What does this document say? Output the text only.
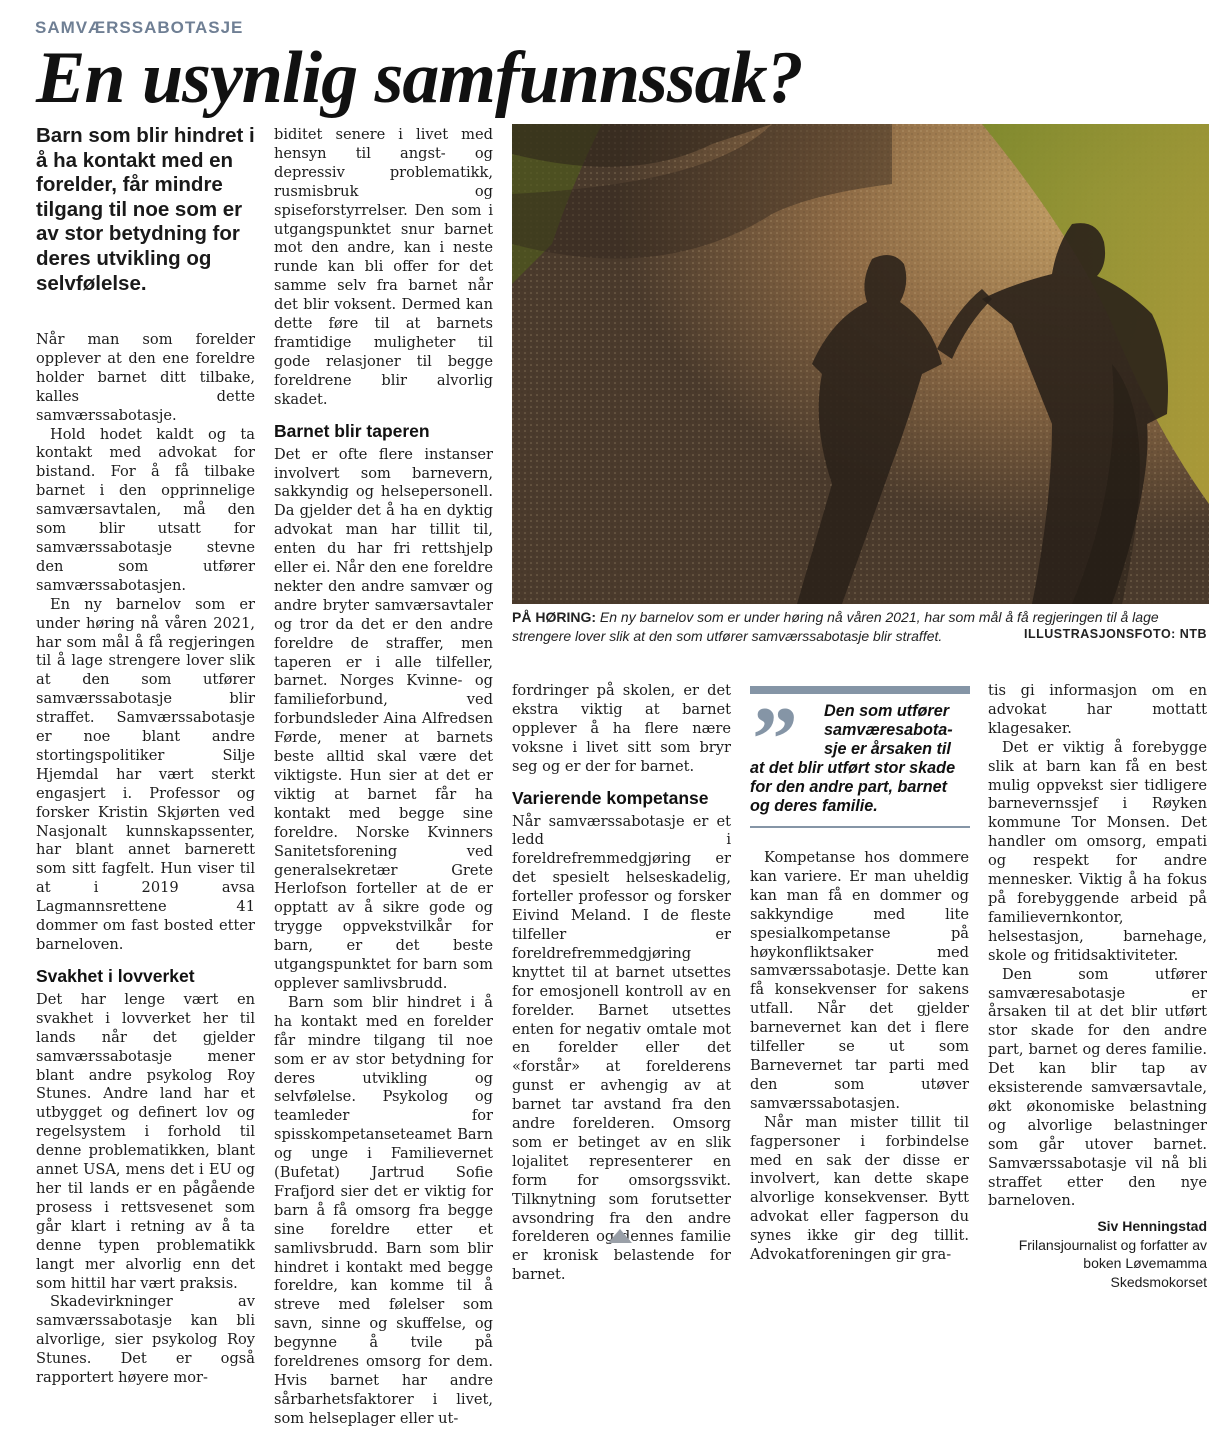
SAMVÆRSSABOTASJE
En usynlig samfunnssak?

Barn som blir hindret i å ha kontakt med en forelder, får mindre tilgang til noe som er av stor betydning for deres utvikling og selvfølelse.

Når man som forelder opplever at den ene foreldre holder barnet ditt tilbake, kalles dette samværssabotasje.

Hold hodet kaldt og ta kontakt med advokat for bistand. For å få tilbake barnet i den opprinnelige samværsavtalen, må den som blir utsatt for samværssabotasje stevne den som utfører samværssabotasjen.

En ny barnelov som er under høring nå våren 2021, har som mål å få regjeringen til å lage strengere lover slik at den som utfører samværssabotasje blir straffet. Samværssabotasje er noe blant andre stortingspolitiker Silje Hjemdal har vært sterkt engasjert i. Professor og forsker Kristin Skjørten ved Nasjonalt kunnskapssenter, har blant annet barnerett som sitt fagfelt. Hun viser til at i 2019 avsa Lagmannsrettene 41 dommer om fast bosted etter barneloven.

Svakhet i lovverket

Det har lenge vært en svakhet i lovverket her til lands når det gjelder samværssabotasje mener blant andre psykolog Roy Stunes. Andre land har et utbygget og definert lov og regelsystem i forhold til denne problematikken, blant annet USA, mens det i EU og her til lands er en pågående prosess i rettsvesenet som går klart i retning av å ta denne typen problematikk langt mer alvorlig enn det som hittil har vært praksis.

Skadevirkninger av samværssabotasje kan bli alvorlige, sier psykolog Roy Stunes. Det er også rapportert høyere mor-

biditet senere i livet med hensyn til angst- og depressiv problematikk, rusmisbruk og spiseforstyrrelser. Den som i utgangspunktet snur barnet mot den andre, kan i neste runde kan bli offer for det samme selv fra barnet når det blir voksent. Dermed kan dette føre til at barnets framtidige muligheter til gode relasjoner til begge foreldrene blir alvorlig skadet.

Barnet blir taperen

Det er ofte flere instanser involvert som barnevern, sakkyndig og helsepersonell. Da gjelder det å ha en dyktig advokat man har tillit til, enten du har fri rettshjelp eller ei. Når den ene foreldre nekter den andre samvær og andre bryter samværsavtaler og tror da det er den andre foreldre de straffer, men taperen er i alle tilfeller, barnet. Norges Kvinne- og familieforbund, ved forbundsleder Aina Alfredsen Førde, mener at barnets beste alltid skal være det viktigste. Hun sier at det er viktig at barnet får ha kontakt med begge sine foreldre. Norske Kvinners Sanitetsforening ved generalsekretær Grete Herlofson forteller at de er opptatt av å sikre gode og trygge oppvekstvilkår for barn, er det beste utgangspunktet for barn som opplever samlivsbrudd.

Barn som blir hindret i å ha kontakt med en forelder får mindre tilgang til noe som er av stor betydning for deres utvikling og selvfølelse. Psykolog og teamleder for spisskompetanseteamet Barn og unge i Familievernet (Bufetat) Jartrud Sofie Frafjord sier det er viktig for barn å få omsorg fra begge sine foreldre etter et samlivsbrudd. Barn som blir hindret i kontakt med begge foreldre, kan komme til å streve med følelser som savn, sinne og skuffelse, og begynne å tvile på foreldrenes omsorg for dem. Hvis barnet har andre sårbarhetsfaktorer i livet, som helseplager eller ut-

PÅ HØRING: En ny barnelov som er under høring nå våren 2021, har som mål å få regjeringen til å lage strengere lover slik at den som utfører samværssabotasje blir straffet.	ILLUSTRASJONSFOTO: NTB

fordringer på skolen, er det ekstra viktig at barnet opplever å ha flere nære voksne i livet sitt som bryr seg og er der for barnet.

Varierende kompetanse

Når samværssabotasje er et ledd i foreldrefremmedgjøring er det spesielt helseskadelig, forteller professor og forsker Eivind Meland. I de fleste tilfeller er foreldrefremmedgjøring knyttet til at barnet utsettes for emosjonell kontroll av en forelder. Barnet utsettes enten for negativ omtale mot en forelder eller det «forstår» at forelderens gunst er avhengig av at barnet tar avstand fra den andre forelderen. Omsorg som er betinget av en slik lojalitet representerer en form for omsorgssvikt. Tilknytning som forutsetter avsondring fra den andre forelderen og dennes familie er kronisk belastende for barnet.

”	Den som utfører
samværesabota-
sje er årsaken til
at det blir utført stor skade
for den andre part, barnet
og deres familie.

Kompetanse hos dommere kan variere. Er man uheldig kan man få en dommer og sakkyndige med lite spesialkompetanse på høykonfliktsaker med samværssabotasje. Dette kan få konsekvenser for sakens utfall. Når det gjelder barnevernet kan det i flere tilfeller se ut som Barnevernet tar parti med den som utøver samværssabotasjen.

Når man mister tillit til fagpersoner i forbindelse med en sak der disse er involvert, kan dette skape alvorlige konsekvenser. Bytt advokat eller fagperson du synes ikke gir deg tillit. Advokatforeningen gir gra-

tis gi informasjon om en advokat har mottatt klagesaker.

Det er viktig å forebygge slik at barn kan få en best mulig oppvekst sier tidligere barnevernssjef i Røyken kommune Tor Monsen. Det handler om omsorg, empati og respekt for andre mennesker. Viktig å ha fokus på forebyggende arbeid på familievernkontor, helsestasjon, barnehage, skole og fritidsaktiviteter.

Den som utfører samværesabotasje er årsaken til at det blir utført stor skade for den andre part, barnet og deres familie. Det kan blir tap av eksisterende samværsavtale, økt økonomiske belastning og alvorlige belastninger som går utover barnet. Samværssabotasje vil nå bli straffet etter den nye barneloven.

Siv Henningstad
Frilansjournalist og forfatter av
boken Løvemamma
Skedsmokorset
